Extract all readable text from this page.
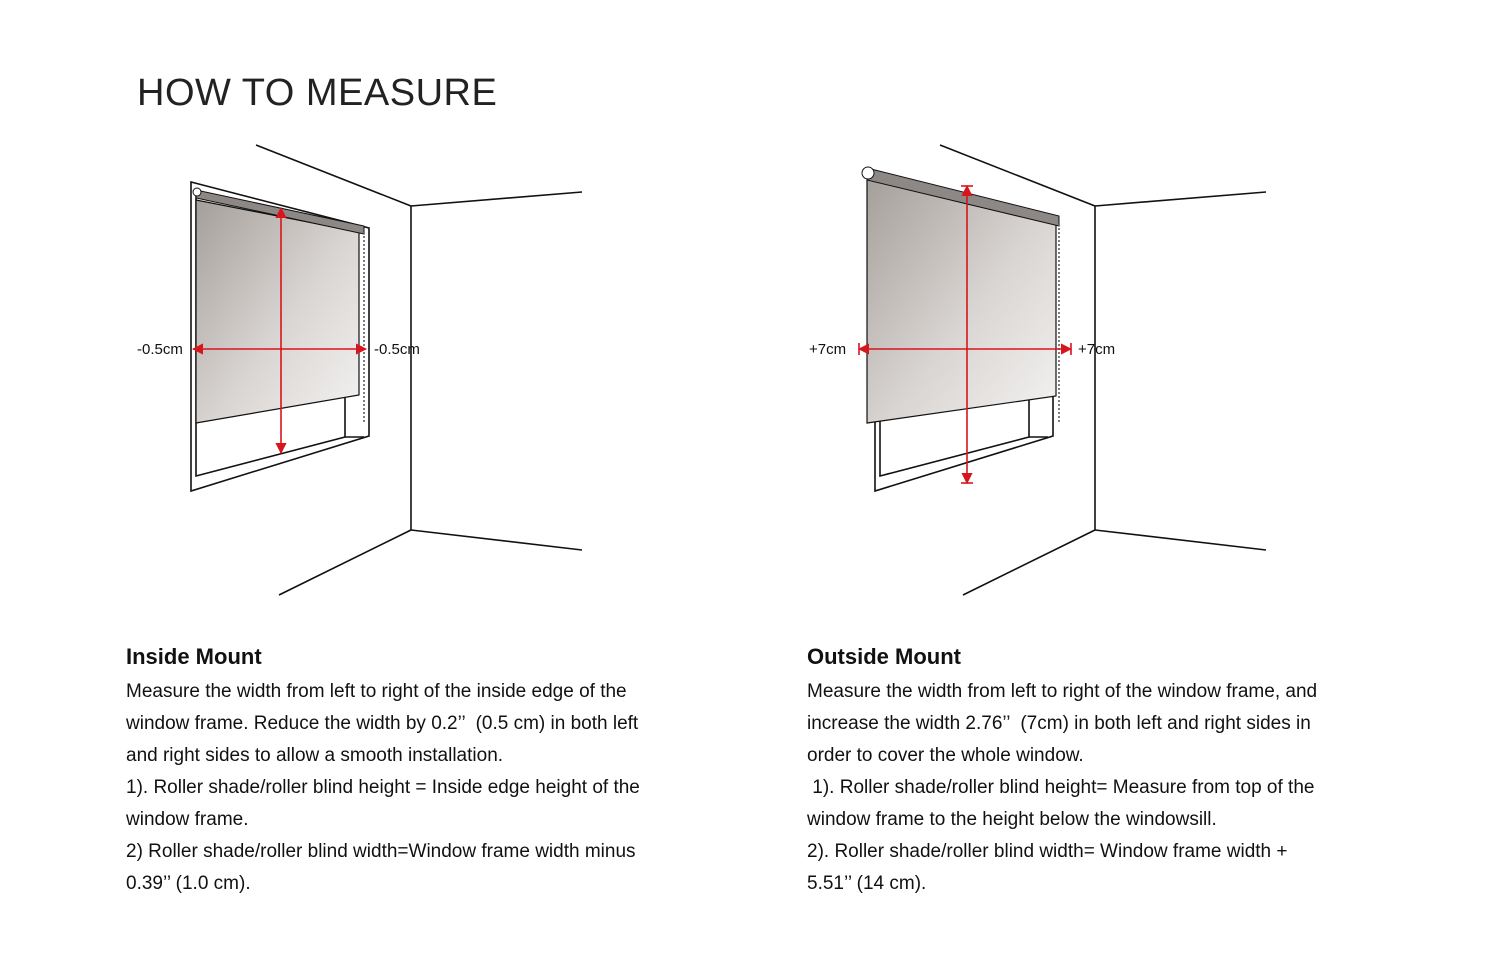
HOW TO MEASURE
-0.5cm	-0.5cm	+7cm	+7cm
Inside Mount

Measure the width from left to right of the inside edge of the

window frame. Reduce the width by 0.2’’  (0.5 cm) in both left

and right sides to allow a smooth installation.

1). Roller shade/roller blind height = Inside edge height of the

window frame.

2) Roller shade/roller blind width=Window frame width minus

0.39’’ (1.0 cm).

Outside Mount

Measure the width from left to right of the window frame, and

increase the width 2.76’’  (7cm) in both left and right sides in

order to cover the whole window.

1). Roller shade/roller blind height= Measure from top of the

window frame to the height below the windowsill.

2). Roller shade/roller blind width= Window frame width +

5.51’’ (14 cm).
